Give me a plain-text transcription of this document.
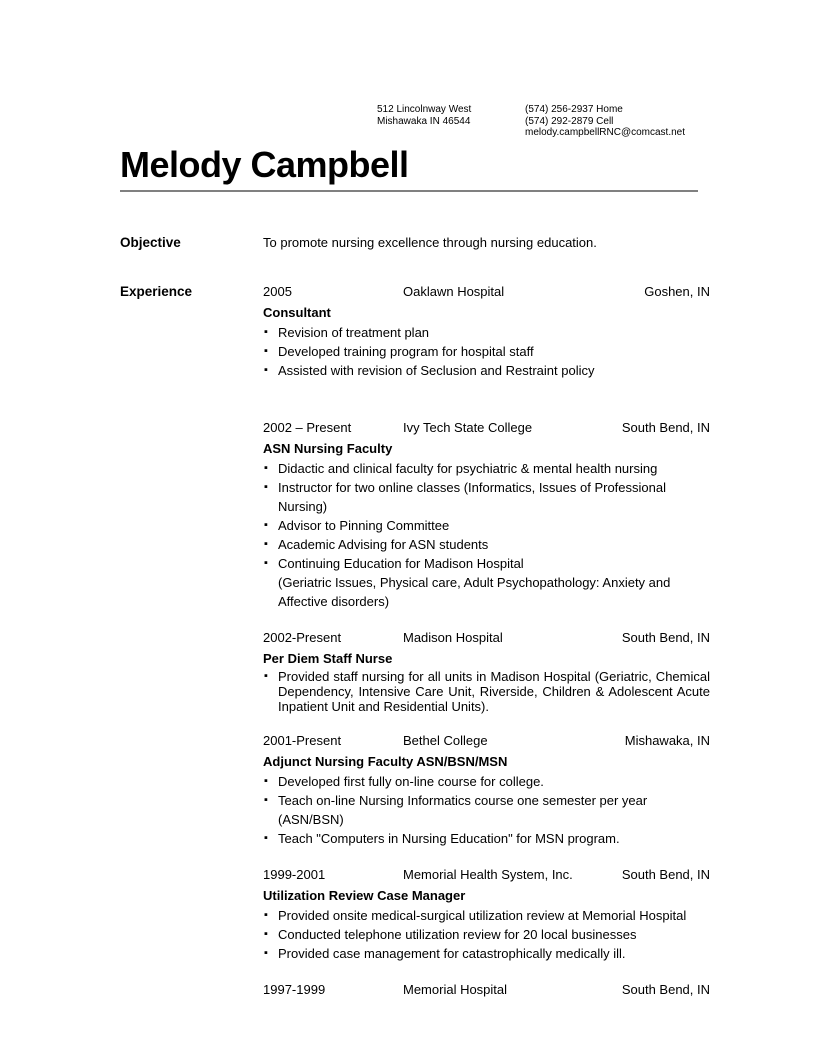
512 Lincolnway West
Mishawaka IN 46544
(574) 256-2937 Home
(574) 292-2879 Cell
melody.campbellRNC@comcast.net
Melody Campbell
Objective	To promote nursing excellence through nursing education.
Experience	2005	Oaklawn Hospital	Goshen, IN
Consultant
▪ Revision of treatment plan
▪ Developed training program for hospital staff
▪ Assisted with revision of Seclusion and Restraint policy
2002 – Present	Ivy Tech State College	South Bend, IN
ASN Nursing Faculty
▪ Didactic and clinical faculty for psychiatric & mental health nursing
▪ Instructor for two online classes (Informatics, Issues of Professional Nursing)
▪ Advisor to Pinning Committee
▪ Academic Advising for ASN students
▪ Continuing Education for Madison Hospital
(Geriatric Issues, Physical care, Adult Psychopathology: Anxiety and Affective disorders)
2002-Present	Madison Hospital	South Bend, IN
Per Diem Staff Nurse
▪ Provided staff nursing for all units in Madison Hospital (Geriatric, Chemical Dependency, Intensive Care Unit, Riverside, Children & Adolescent Acute Inpatient Unit and Residential Units).
2001-Present	Bethel College	Mishawaka, IN
Adjunct Nursing Faculty ASN/BSN/MSN
▪ Developed first fully on-line course for college.
▪ Teach on-line Nursing Informatics course one semester per year (ASN/BSN)
▪ Teach "Computers in Nursing Education" for MSN program.
1999-2001	Memorial Health System, Inc.	South Bend, IN
Utilization Review Case Manager
▪ Provided onsite medical-surgical utilization review at Memorial Hospital
▪ Conducted telephone utilization review for 20 local businesses
▪ Provided case management for catastrophically medically ill.
1997-1999	Memorial Hospital	South Bend, IN
